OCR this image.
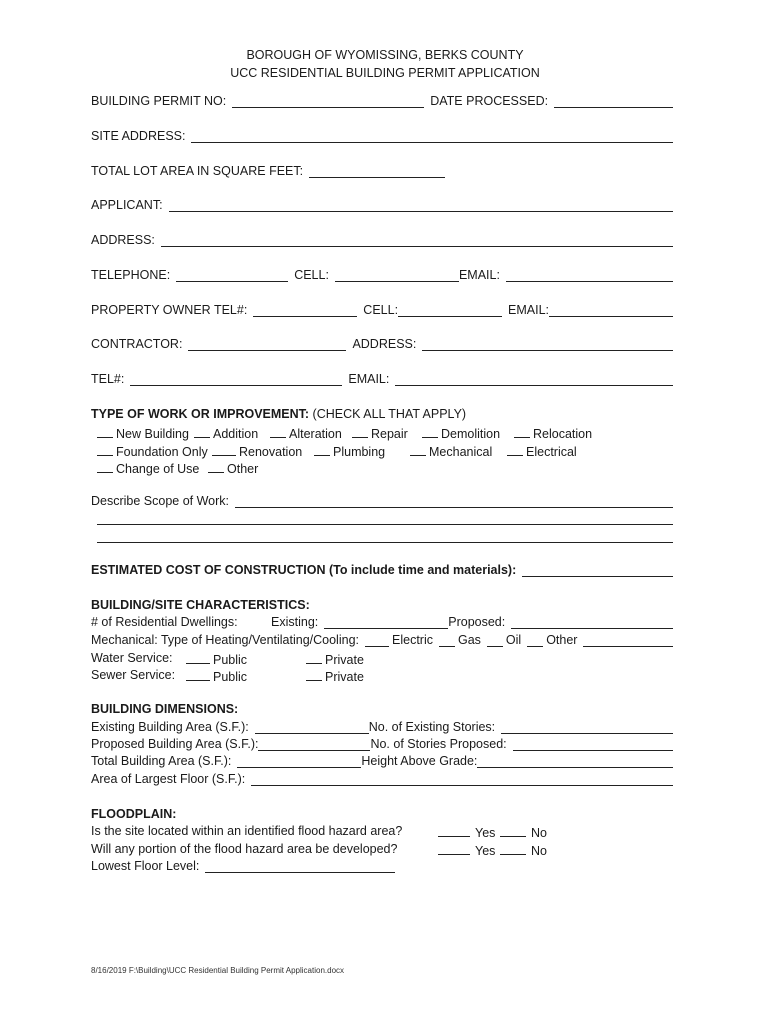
BOROUGH OF WYOMISSING, BERKS COUNTY
UCC RESIDENTIAL BUILDING PERMIT APPLICATION
BUILDING PERMIT NO:	DATE PROCESSED:
SITE ADDRESS:
TOTAL LOT AREA IN SQUARE FEET:
APPLICANT:
ADDRESS:
TELEPHONE:	CELL:	EMAIL:
PROPERTY OWNER TEL#:	CELL:	EMAIL:
CONTRACTOR:	ADDRESS:
TEL#:	EMAIL:
TYPE OF WORK OR IMPROVEMENT: (CHECK ALL THAT APPLY)
New Building	Addition	Alteration	Repair	Demolition	Relocation
Foundation Only	Renovation	Plumbing	Mechanical	Electrical
Change of Use	Other
Describe Scope of Work:
ESTIMATED COST OF CONSTRUCTION (To include time and materials):
BUILDING/SITE CHARACTERISTICS:
# of Residential Dwellings:	Existing:	Proposed:
Mechanical: Type of Heating/Ventilating/Cooling:	Electric Gas Oil Other
Water Service:	Public	Private
Sewer Service:	Public	Private
BUILDING DIMENSIONS:
Existing Building Area (S.F.):	No. of Existing Stories:
Proposed Building Area (S.F.):	No. of Stories Proposed:
Total Building Area (S.F.):	Height Above Grade:
Area of Largest Floor (S.F.):
FLOODPLAIN:
Is the site located within an identified flood hazard area?	Yes	No
Will any portion of the flood hazard area be developed?	Yes	No
Lowest Floor Level:
8/16/2019 F:\Building\UCC Residential Building Permit Application.docx
